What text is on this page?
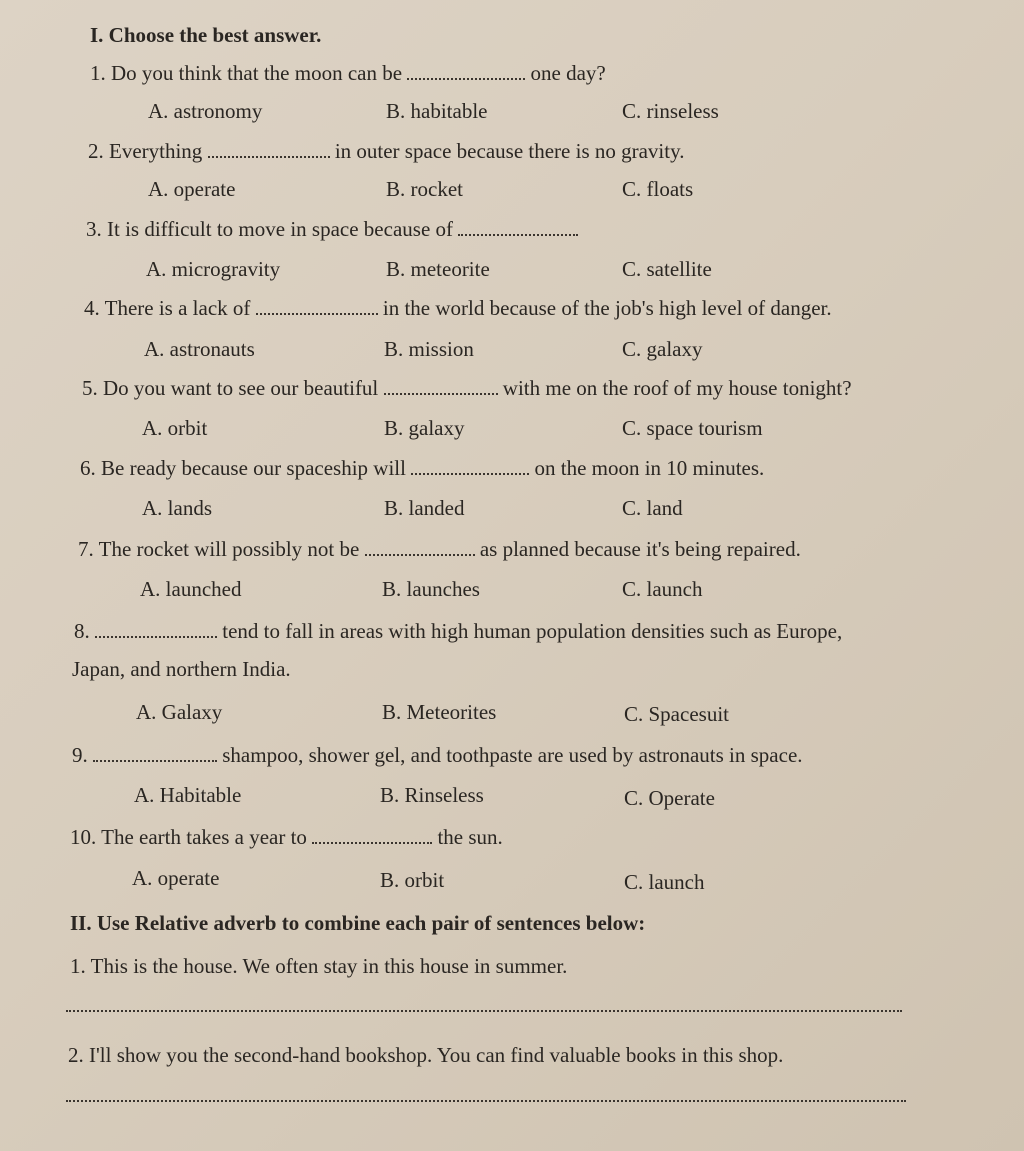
I. Choose the best answer.
1. Do you think that the moon can be	one day?
A. astronomy	B. habitable	C. rinseless
2. Everything	in outer space because there is no gravity.
A. operate	B. rocket	C. floats
3. It is difficult to move in space because of
A. microgravity	B. meteorite	C. satellite
4. There is a lack of	in the world because of the job's high level of danger.
A. astronauts	B. mission	C. galaxy
5. Do you want to see our beautiful	with me on the roof of my house tonight?
A. orbit	B. galaxy	C. space tourism
6. Be ready because our spaceship will	on the moon in 10 minutes.
A. lands	B. landed	C. land
7. The rocket will possibly not be	as planned because it's being repaired.
A. launched	B. launches	C. launch
8.	tend to fall in areas with high human population densities such as Europe,
Japan, and northern India.
A. Galaxy	B. Meteorites	C. Spacesuit
9.	shampoo, shower gel, and toothpaste are used by astronauts in space.
A. Habitable	B. Rinseless	C. Operate
10. The earth takes a year to	the sun.
A. operate	B. orbit	C. launch
II. Use Relative adverb to combine each pair of sentences below:
1. This is the house. We often stay in this house in summer.
2. I'll show you the second-hand bookshop. You can find valuable books in this shop.
